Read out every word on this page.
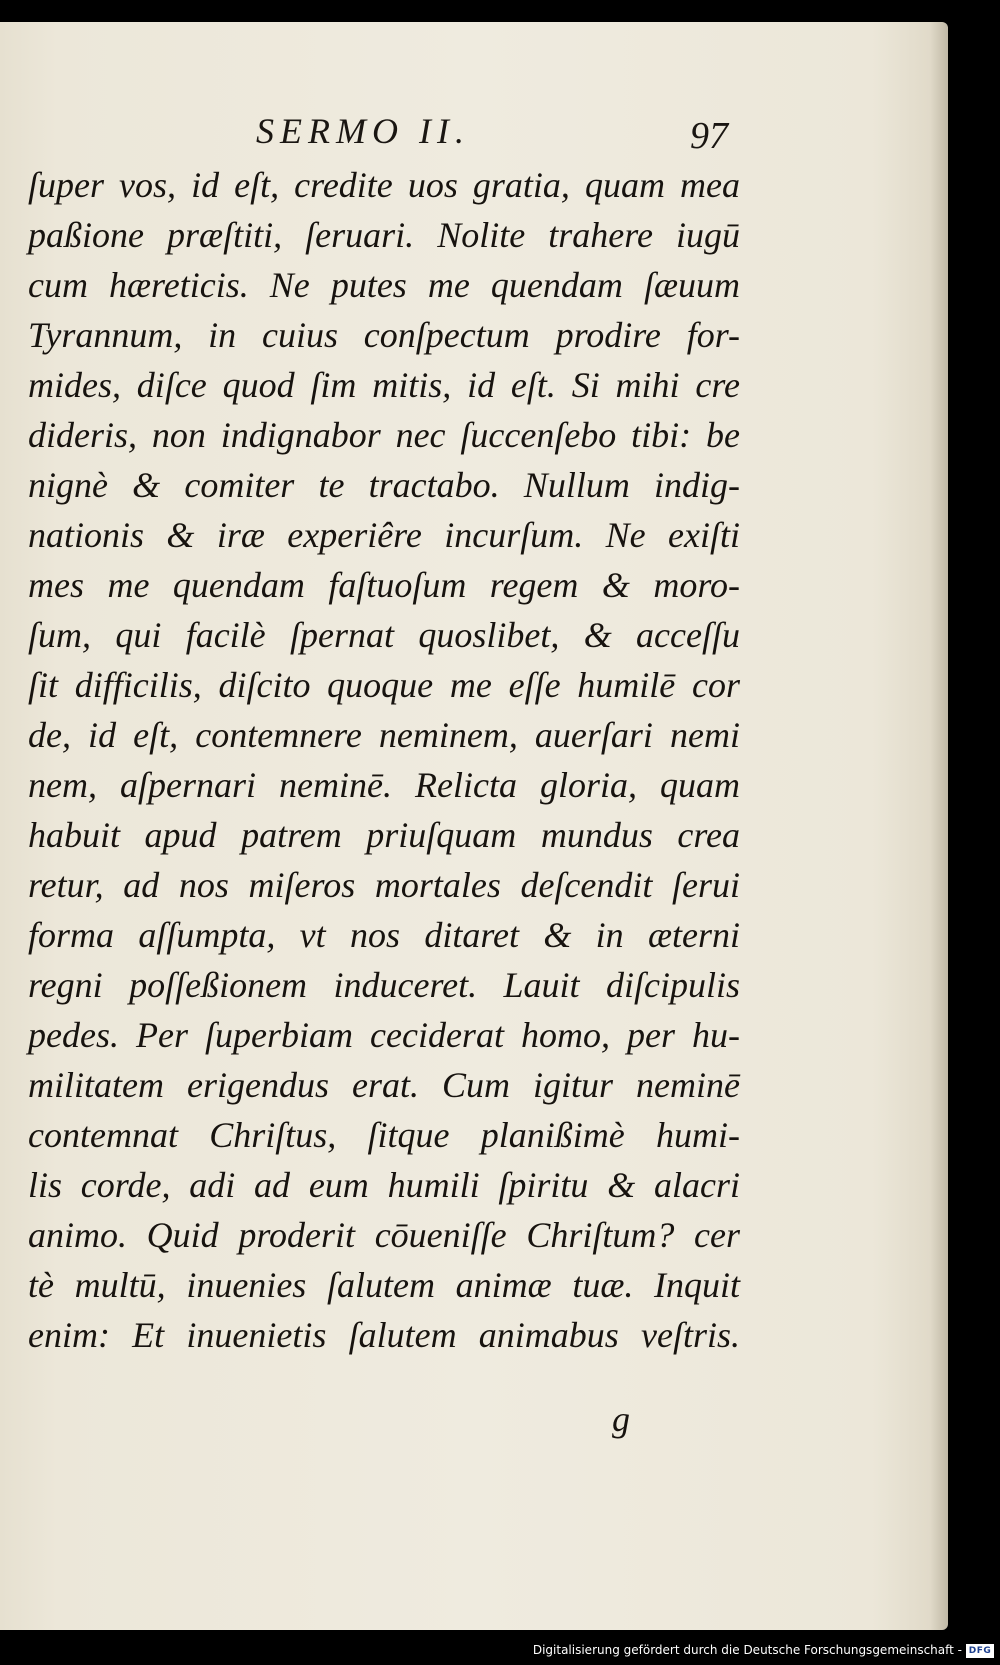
SERMO II.	97
ſuper vos, id eſt, credite uos gratia, quam mea
paßione præſtiti, ſeruari. Nolite trahere iugū
cum hæreticis. Ne putes me quendam ſæuum
Tyrannum, in cuius conſpectum prodire for-
mides, diſce quod ſim mitis, id eſt. Si mihi cre
dideris, non indignabor nec ſuccenſebo tibi: be
nignè & comiter te tractabo. Nullum indig-
nationis & iræ experiêre incurſum. Ne exiſti
mes me quendam faſtuoſum regem & moro-
ſum, qui facilè ſpernat quoslibet, & acceſſu
ſit difficilis, diſcito quoque me eſſe humilē cor
de, id eſt, contemnere neminem, auerſari nemi
nem, aſpernari neminē. Relicta gloria, quam
habuit apud patrem priuſquam mundus crea
retur, ad nos miſeros mortales deſcendit ſerui
forma aſſumpta, vt nos ditaret & in æterni
regni poſſeßionem induceret. Lauit diſcipulis
pedes. Per ſuperbiam ceciderat homo, per hu-
militatem erigendus erat. Cum igitur neminē
contemnat Chriſtus, ſitque planißimè humi-
lis corde, adi ad eum humili ſpiritu & alacri
animo. Quid proderit cōueniſſe Chriſtum? cer
tè multū, inuenies ſalutem animæ tuæ. Inquit
enim: Et inuenietis ſalutem animabus veſtris.
g
Digitalisierung gefördert durch die Deutsche Forschungsgemeinschaft - DFG
